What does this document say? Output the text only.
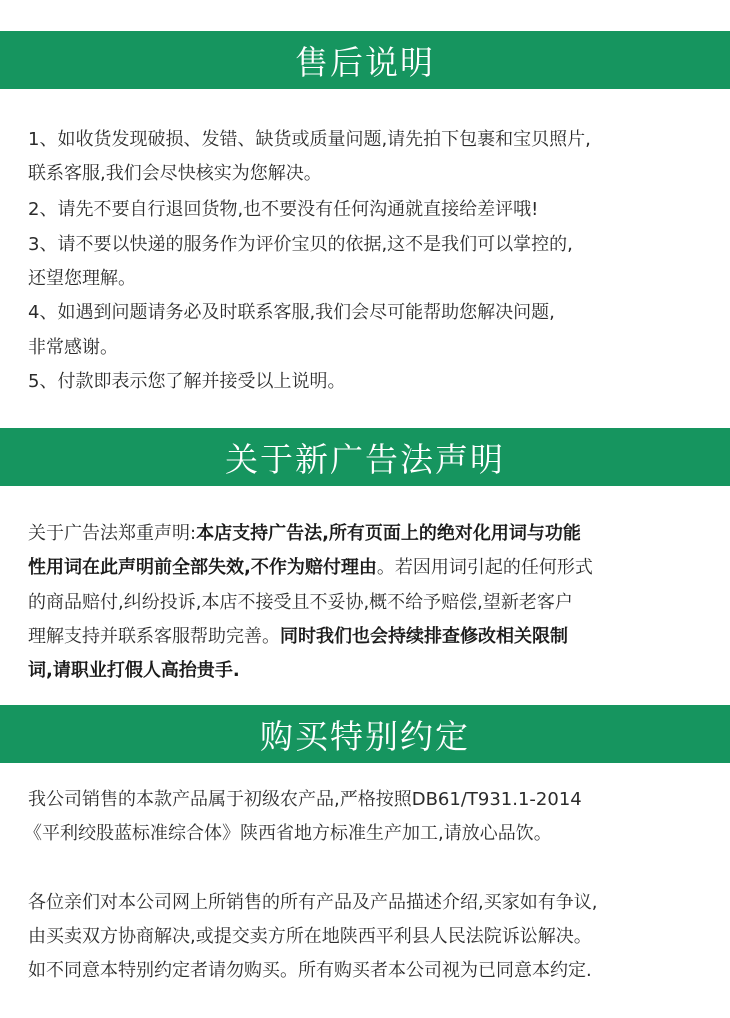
售后说明
1、如收货发现破损、发错、缺货或质量问题,请先拍下包裹和宝贝照片,
联系客服,我们会尽快核实为您解决。
2、请先不要自行退回货物,也不要没有任何沟通就直接给差评哦!
3、请不要以快递的服务作为评价宝贝的依据,这不是我们可以掌控的,
还望您理解。
4、如遇到问题请务必及时联系客服,我们会尽可能帮助您解决问题,
非常感谢。
5、付款即表示您了解并接受以上说明。
关于新广告法声明
关于广告法郑重声明:本店支持广告法,所有页面上的绝对化用词与功能
性用词在此声明前全部失效,不作为赔付理由。若因用词引起的任何形式
的商品赔付,纠纷投诉,本店不接受且不妥协,概不给予赔偿,望新老客户
理解支持并联系客服帮助完善。同时我们也会持续排查修改相关限制
词,请职业打假人高抬贵手.
购买特别约定
我公司销售的本款产品属于初级农产品,严格按照DB61/T931.1-2014
《平利绞股蓝标准综合体》陕西省地方标准生产加工,请放心品饮。
各位亲们对本公司网上所销售的所有产品及产品描述介绍,买家如有争议,
由买卖双方协商解决,或提交卖方所在地陕西平利县人民法院诉讼解决。
如不同意本特别约定者请勿购买。所有购买者本公司视为已同意本约定.
